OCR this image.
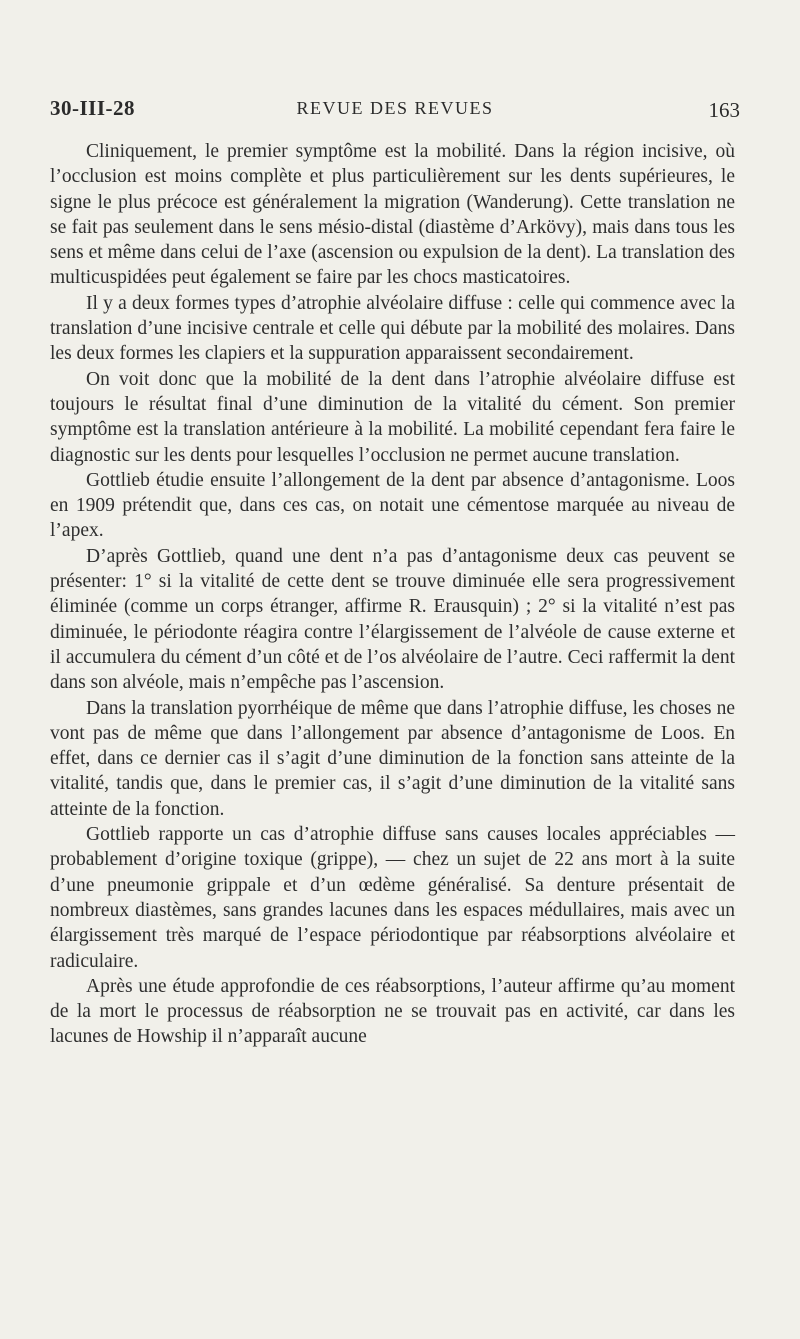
30-III-28	REVUE DES REVUES	163

Cliniquement, le premier symptôme est la mobilité. Dans la région incisive, où l’occlusion est moins complète et plus particulièrement sur les dents supérieures, le signe le plus précoce est généralement la migration (Wanderung). Cette translation ne se fait pas seulement dans le sens mésio-distal (diastème d’Arkövy), mais dans tous les sens et même dans celui de l’axe (ascension ou expulsion de la dent). La translation des multicuspidées peut également se faire par les chocs masticatoires.

Il y a deux formes types d’atrophie alvéolaire diffuse : celle qui commence avec la translation d’une incisive centrale et celle qui débute par la mobilité des molaires. Dans les deux formes les clapiers et la suppuration apparaissent secondairement.

On voit donc que la mobilité de la dent dans l’atrophie alvéolaire diffuse est toujours le résultat final d’une diminution de la vitalité du cément. Son premier symptôme est la translation antérieure à la mobilité. La mobilité cependant fera faire le diagnostic sur les dents pour lesquelles l’occlusion ne permet aucune translation.

Gottlieb étudie ensuite l’allongement de la dent par absence d’antagonisme. Loos en 1909 prétendit que, dans ces cas, on notait une cémentose marquée au niveau de l’apex.

D’après Gottlieb, quand une dent n’a pas d’antagonisme deux cas peuvent se présenter: 1° si la vitalité de cette dent se trouve diminuée elle sera progressivement éliminée (comme un corps étranger, affirme R. Erausquin) ; 2° si la vitalité n’est pas diminuée, le périodonte réagira contre l’élargissement de l’alvéole de cause externe et il accumulera du cément d’un côté et de l’os alvéolaire de l’autre. Ceci raffermit la dent dans son alvéole, mais n’empêche pas l’ascension.

Dans la translation pyorrhéique de même que dans l’atrophie diffuse, les choses ne vont pas de même que dans l’allongement par absence d’antagonisme de Loos. En effet, dans ce dernier cas il s’agit d’une diminution de la fonction sans atteinte de la vitalité, tandis que, dans le premier cas, il s’agit d’une diminution de la vitalité sans atteinte de la fonction.

Gottlieb rapporte un cas d’atrophie diffuse sans causes locales appréciables — probablement d’origine toxique (grippe), — chez un sujet de 22 ans mort à la suite d’une pneumonie grippale et d’un œdème généralisé. Sa denture présentait de nombreux diastèmes, sans grandes lacunes dans les espaces médullaires, mais avec un élargissement très marqué de l’espace périodontique par réabsorptions alvéolaire et radiculaire.

Après une étude approfondie de ces réabsorptions, l’auteur affirme qu’au moment de la mort le processus de réabsorption ne se trouvait pas en activité, car dans les lacunes de Howship il n’apparaît aucune
